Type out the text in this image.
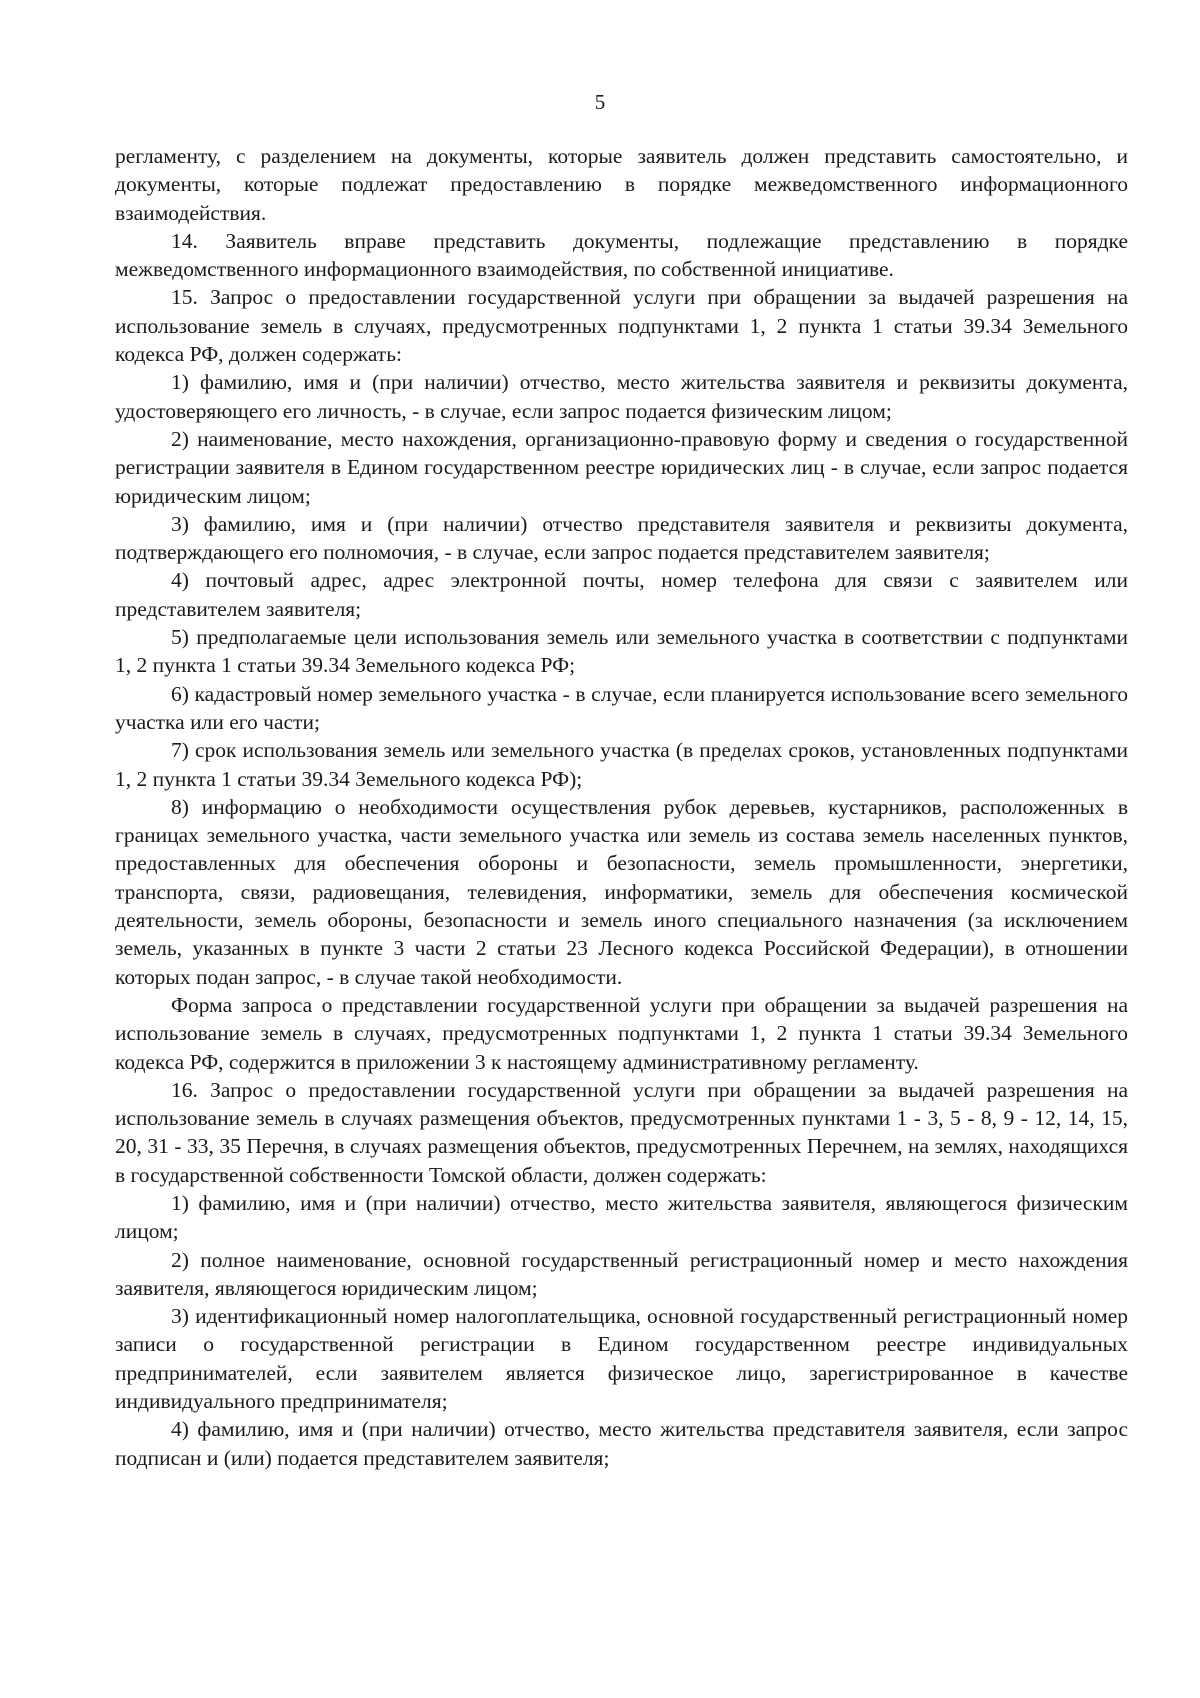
5

регламенту, с разделением на документы, которые заявитель должен представить самостоятельно, и документы, которые подлежат предоставлению в порядке межведомственного информационного взаимодействия.

14. Заявитель вправе представить документы, подлежащие представлению в порядке межведомственного информационного взаимодействия, по собственной инициативе.

15. Запрос о предоставлении государственной услуги при обращении за выдачей разрешения на использование земель в случаях, предусмотренных подпунктами 1, 2 пункта 1 статьи 39.34 Земельного кодекса РФ, должен содержать:

1) фамилию, имя и (при наличии) отчество, место жительства заявителя и реквизиты документа, удостоверяющего его личность, - в случае, если запрос подается физическим лицом;

2) наименование, место нахождения, организационно-правовую форму и сведения о государственной регистрации заявителя в Едином государственном реестре юридических лиц - в случае, если запрос подается юридическим лицом;

3) фамилию, имя и (при наличии) отчество представителя заявителя и реквизиты документа, подтверждающего его полномочия, - в случае, если запрос подается представителем заявителя;

4) почтовый адрес, адрес электронной почты, номер телефона для связи с заявителем или представителем заявителя;

5) предполагаемые цели использования земель или земельного участка в соответствии с подпунктами 1, 2 пункта 1 статьи 39.34 Земельного кодекса РФ;

6) кадастровый номер земельного участка - в случае, если планируется использование всего земельного участка или его части;

7) срок использования земель или земельного участка (в пределах сроков, установленных подпунктами 1, 2 пункта 1 статьи 39.34 Земельного кодекса РФ);

8) информацию о необходимости осуществления рубок деревьев, кустарников, расположенных в границах земельного участка, части земельного участка или земель из состава земель населенных пунктов, предоставленных для обеспечения обороны и безопасности, земель промышленности, энергетики, транспорта, связи, радиовещания, телевидения, информатики, земель для обеспечения космической деятельности, земель обороны, безопасности и земель иного специального назначения (за исключением земель, указанных в пункте 3 части 2 статьи 23 Лесного кодекса Российской Федерации), в отношении которых подан запрос, - в случае такой необходимости.

Форма запроса о представлении государственной услуги при обращении за выдачей разрешения на использование земель в случаях, предусмотренных подпунктами 1, 2 пункта 1 статьи 39.34 Земельного кодекса РФ, содержится в приложении 3 к настоящему административному регламенту.

16. Запрос о предоставлении государственной услуги при обращении за выдачей разрешения на использование земель в случаях размещения объектов, предусмотренных пунктами 1 - 3, 5 - 8, 9 - 12, 14, 15, 20, 31 - 33, 35 Перечня, в случаях размещения объектов, предусмотренных Перечнем, на землях, находящихся в государственной собственности Томской области, должен содержать:

1) фамилию, имя и (при наличии) отчество, место жительства заявителя, являющегося физическим лицом;

2) полное наименование, основной государственный регистрационный номер и место нахождения заявителя, являющегося юридическим лицом;

3) идентификационный номер налогоплательщика, основной государственный регистрационный номер записи о государственной регистрации в Едином государственном реестре индивидуальных предпринимателей, если заявителем является физическое лицо, зарегистрированное в качестве индивидуального предпринимателя;

4) фамилию, имя и (при наличии) отчество, место жительства представителя заявителя, если запрос подписан и (или) подается представителем заявителя;
